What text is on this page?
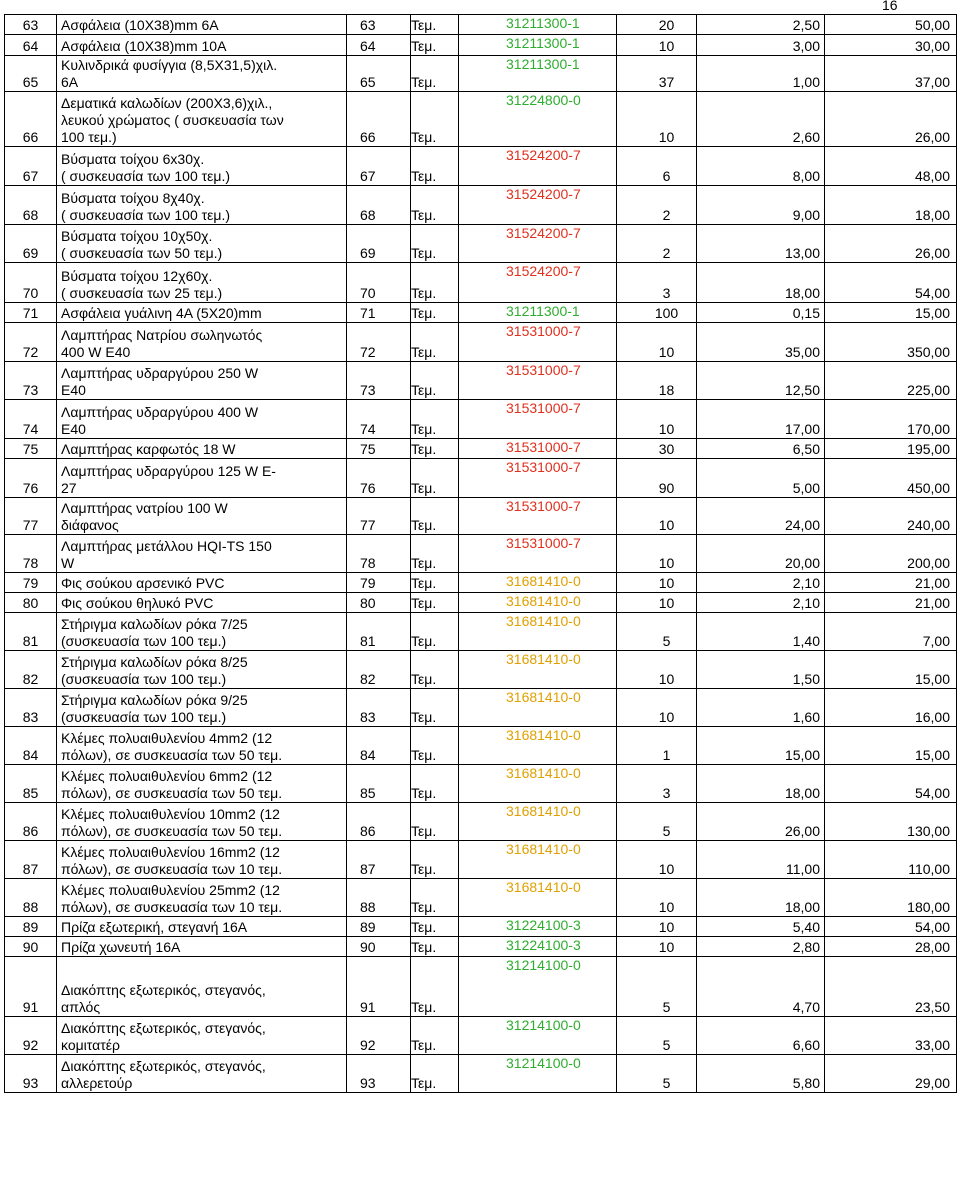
16
63	Ασφάλεια (10X38)mm 6A	63	Τεμ.	31211300-1	20	2,50	50,00
64	Ασφάλεια (10X38)mm 10A	64	Τεμ.	31211300-1	10	3,00	30,00
65	Κυλινδρικά φυσίγγια (8,5X31,5)χιλ.
6A	65	Τεμ.	31211300-1	37	1,00	37,00
66	Δεματικά καλωδίων (200X3,6)χιλ.,
λευκού χρώματος ( συσκευασία των
100 τεμ.)	66	Τεμ.	31224800-0	10	2,60	26,00
67	Βύσματα τοίχου 6x30χ.
( συσκευασία των 100 τεμ.)	67	Τεμ.	31524200-7	6	8,00	48,00
68	Βύσματα τοίχου 8χ40χ.
( συσκευασία των 100 τεμ.)	68	Τεμ.	31524200-7	2	9,00	18,00
69	Βύσματα τοίχου 10χ50χ.
( συσκευασία των 50 τεμ.)	69	Τεμ.	31524200-7	2	13,00	26,00
70	Βύσματα τοίχου 12χ60χ.
( συσκευασία των 25 τεμ.)	70	Τεμ.	31524200-7	3	18,00	54,00
71	Ασφάλεια γυάλινη 4A (5X20)mm	71	Τεμ.	31211300-1	100	0,15	15,00
72	Λαμπτήρας Νατρίου σωληνωτός
400 W E40	72	Τεμ.	31531000-7	10	35,00	350,00
73	Λαμπτήρας υδραργύρου 250 W
E40	73	Τεμ.	31531000-7	18	12,50	225,00
74	Λαμπτήρας υδραργύρου 400 W
E40	74	Τεμ.	31531000-7	10	17,00	170,00
75	Λαμπτήρας καρφωτός 18 W	75	Τεμ.	31531000-7	30	6,50	195,00
76	Λαμπτήρας υδραργύρου 125 W E-
27	76	Τεμ.	31531000-7	90	5,00	450,00
77	Λαμπτήρας νατρίου 100 W
διάφανος	77	Τεμ.	31531000-7	10	24,00	240,00
78	Λαμπτήρας μετάλλου HQI-TS 150
W	78	Τεμ.	31531000-7	10	20,00	200,00
79	Φις σούκου αρσενικό PVC	79	Τεμ.	31681410-0	10	2,10	21,00
80	Φις σούκου θηλυκό PVC	80	Τεμ.	31681410-0	10	2,10	21,00
81	Στήριγμα καλωδίων ρόκα 7/25
(συσκευασία των 100 τεμ.)	81	Τεμ.	31681410-0	5	1,40	7,00
82	Στήριγμα καλωδίων ρόκα 8/25
(συσκευασία των 100 τεμ.)	82	Τεμ.	31681410-0	10	1,50	15,00
83	Στήριγμα καλωδίων ρόκα 9/25
(συσκευασία των 100 τεμ.)	83	Τεμ.	31681410-0	10	1,60	16,00
84	Κλέμες πολυαιθυλενίου 4mm2 (12
πόλων), σε συσκευασία των 50 τεμ.	84	Τεμ.	31681410-0	1	15,00	15,00
85	Κλέμες πολυαιθυλενίου 6mm2 (12
πόλων), σε συσκευασία των 50 τεμ.	85	Τεμ.	31681410-0	3	18,00	54,00
86	Κλέμες πολυαιθυλενίου 10mm2 (12
πόλων), σε συσκευασία των 50 τεμ.	86	Τεμ.	31681410-0	5	26,00	130,00
87	Κλέμες πολυαιθυλενίου 16mm2 (12
πόλων), σε συσκευασία των 10 τεμ.	87	Τεμ.	31681410-0	10	11,00	110,00
88	Κλέμες πολυαιθυλενίου 25mm2 (12
πόλων), σε συσκευασία των 10 τεμ.	88	Τεμ.	31681410-0	10	18,00	180,00
89	Πρίζα εξωτερική, στεγανή 16A	89	Τεμ.	31224100-3	10	5,40	54,00
90	Πρίζα χωνευτή 16A	90	Τεμ.	31224100-3	10	2,80	28,00
91	Διακόπτης εξωτερικός, στεγανός,
απλός	91	Τεμ.	31214100-0	5	4,70	23,50
92	Διακόπτης εξωτερικός, στεγανός,
κομιτατέρ	92	Τεμ.	31214100-0	5	6,60	33,00
93	Διακόπτης εξωτερικός, στεγανός,
αλλερετούρ	93	Τεμ.	31214100-0	5	5,80	29,00
